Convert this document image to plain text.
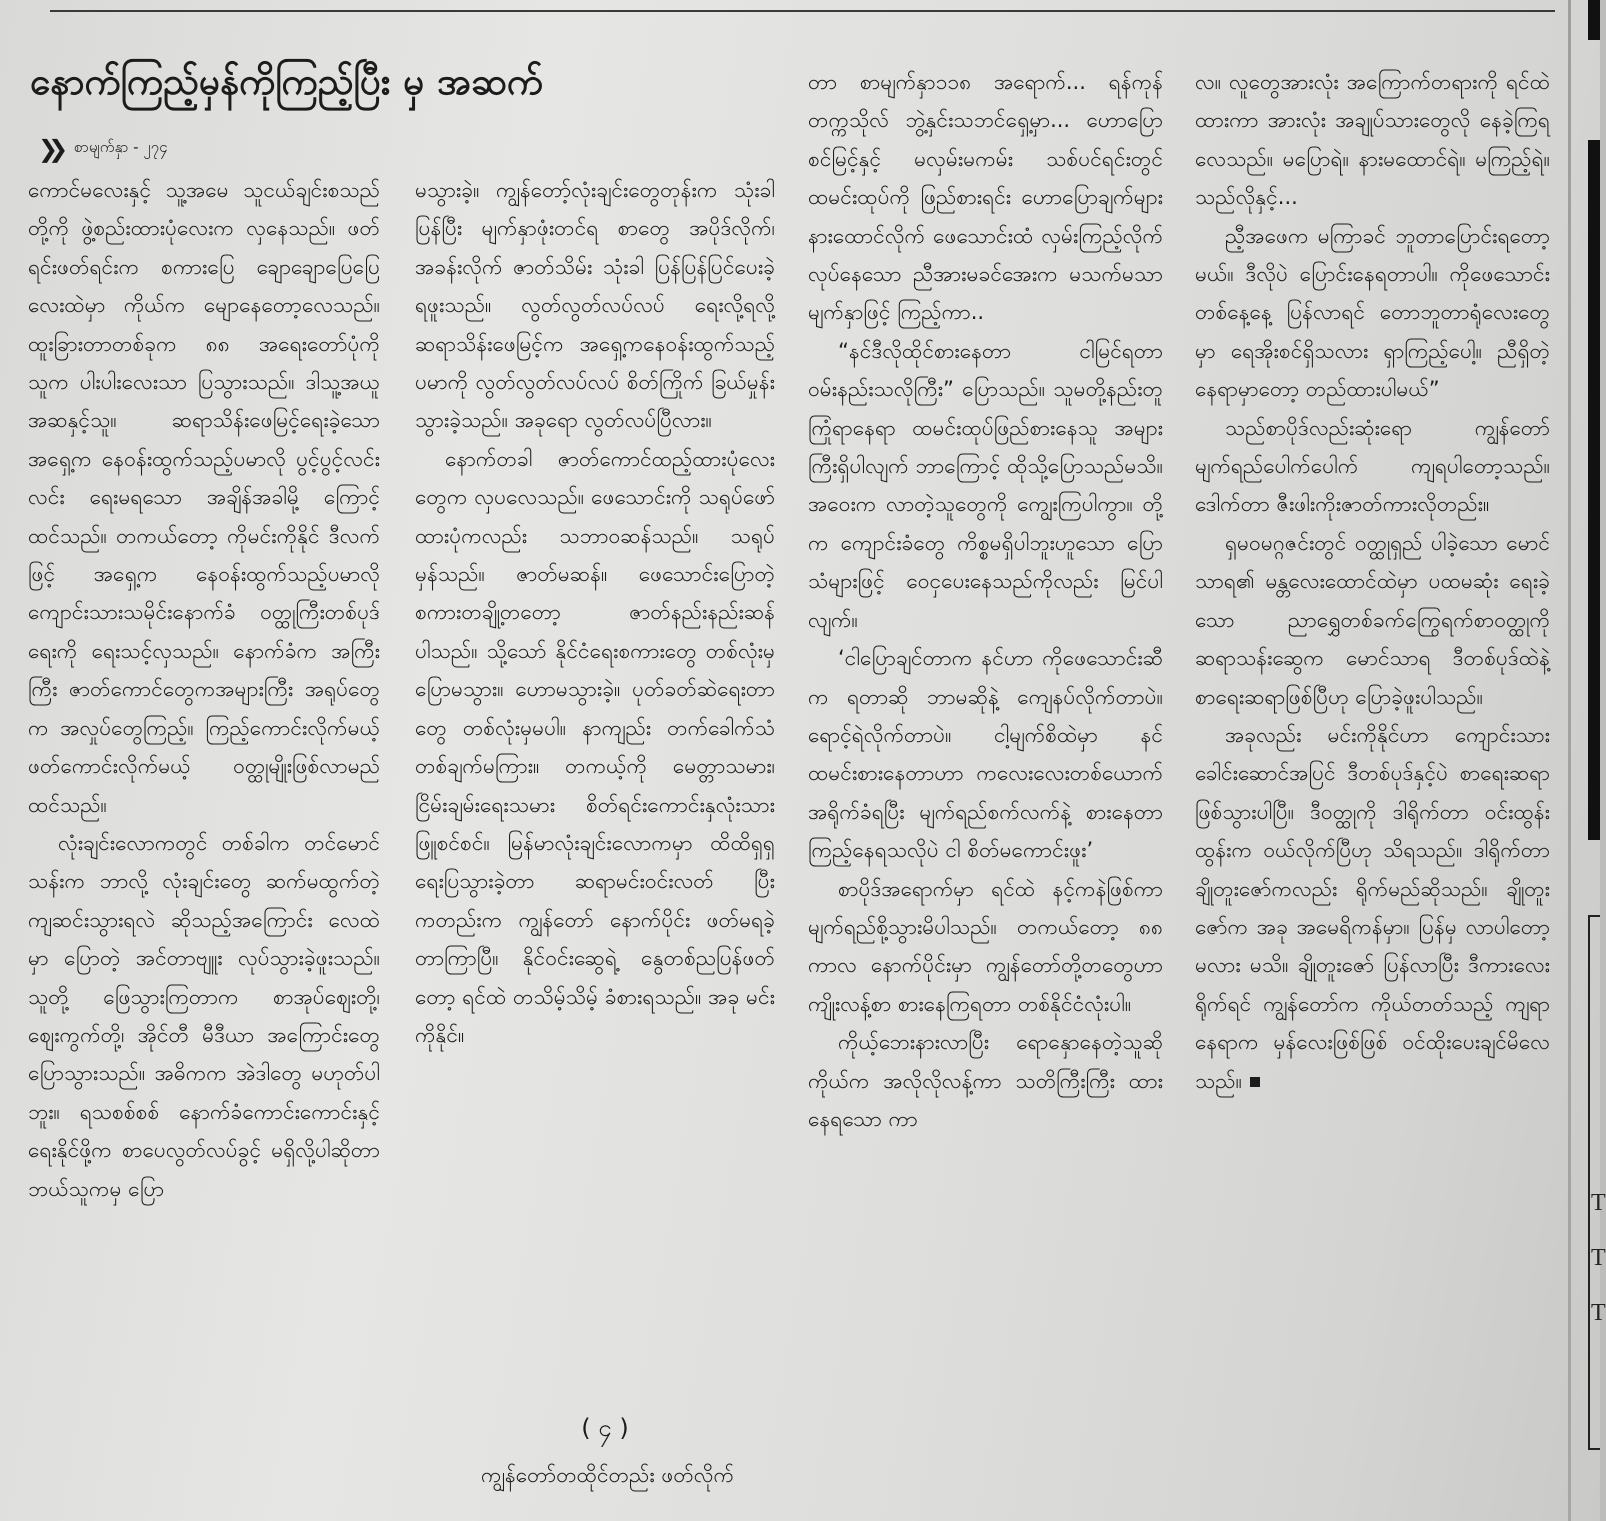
T
T
T
နောက်ကြည့်မှန်ကိုကြည့်ပြီး မှ အဆက်
❯❯ စာမျက်နှာ - ၂၇၄

ကောင်မလေးနှင့် သူ့အမေ သူငယ်ချင်းစသည်တို့ကို ဖွဲ့စည်းထားပုံလေးက လှနေသည်။ ဖတ်ရင်းဖတ်ရင်းက စကားပြေ ချောချောပြေပြေလေးထဲမှာ ကိုယ်က မျောနေတော့လေသည်။ ထူးခြားတာတစ်ခုက ၈၈ အရေးတော်ပုံကို သူက ပါးပါးလေးသာ ပြသွားသည်။ ဒါသူ့အယူအဆနှင့်သူ။ ဆရာသိန်းဖေမြင့်ရေးခဲ့သော အရှေ့က နေဝန်းထွက်သည့်ပမာလို ပွင့်ပွင့်လင်းလင်း ရေးမရသော အချိန်အခါမို့ ကြောင့်ထင်သည်။ တကယ်တော့ ကိုမင်းကိုနိုင် ဒီလက်ဖြင့် အရှေ့က နေဝန်းထွက်သည့်ပမာလို ကျောင်းသားသမိုင်းနောက်ခံ ဝတ္ထုကြီးတစ်ပုဒ်ရေးကို ရေးသင့်လှသည်။ နောက်ခံက အကြီးကြီး ဇာတ်ကောင်တွေကအများကြီး အရုပ်တွေက အလှုပ်တွေကြည့်။ ကြည့်ကောင်းလိုက်မယ့် ဖတ်ကောင်းလိုက်မယ့် ဝတ္ထုမျိုးဖြစ်လာမည် ထင်သည်။

လုံးချင်းလောကတွင် တစ်ခါက တင်မောင်သန်းက ဘာလို့ လုံးချင်းတွေ ဆက်မထွက်တဲ့ ကျဆင်းသွားရလဲ ဆိုသည့်အကြောင်း လေထဲမှာ ပြောတဲ့ အင်တာဗျူး လုပ်သွားခဲ့ဖူးသည်။ သူတို့ ဖြေသွားကြတာက စာအုပ်ဈေးတို့၊ ဈေးကွက်တို့၊ အိုင်တီ မီဒီယာ အကြောင်းတွေ ပြောသွားသည်။ အဓိကက အဲဒါတွေ မဟုတ်ပါဘူး။ ရသစစ်စစ် နောက်ခံကောင်းကောင်းနှင့် ရေးနိုင်ဖို့က စာပေလွတ်လပ်ခွင့် မရှိလို့ပါဆိုတာ ဘယ်သူကမှ ပြော

မသွားခဲ့။ ကျွန်တော့်လုံးချင်းတွေတုန်းက သုံးခါပြန်ပြီး မျက်နှာဖုံးတင်ရ စာတွေ အပိုဒ်လိုက်၊ အခန်းလိုက် ဇာတ်သိမ်း သုံးခါ ပြန်ပြန်ပြင်ပေးခဲ့ရဖူးသည်။ လွတ်လွတ်လပ်လပ် ရေးလို့ရလို့ ဆရာသိန်းဖေမြင့်က အရှေ့ကနေဝန်းထွက်သည့်ပမာကို လွတ်လွတ်လပ်လပ် စိတ်ကြိုက် ခြယ်မှုန်းသွားခဲ့သည်။ အခုရော လွတ်လပ်ပြီလား။

နောက်တခါ ဇာတ်ကောင်ထည့်ထားပုံလေးတွေက လှပလေသည်။ ဖေသောင်းကို သရုပ်ဖော်ထားပုံကလည်း သဘာဝဆန်သည်။ သရုပ်မှန်သည်။ ဇာတ်မဆန်။ ဖေသောင်းပြောတဲ့ စကားတချို့တတော့ ဇာတ်နည်းနည်းဆန်ပါသည်။ သို့သော် နိုင်ငံရေးစကားတွေ တစ်လုံးမှ ပြောမသွား။ ဟောမသွားခဲ့။ ပုတ်ခတ်ဆဲရေးတာတွေ တစ်လုံးမှမပါ။ နာကျည်း တက်ခေါက်သံ တစ်ချက်မကြား။ တကယ့်ကို မေတ္တာသမား၊ ငြိမ်းချမ်းရေးသမား စိတ်ရင်းကောင်းနှလုံးသားဖြူစင်စင်။ မြန်မာလုံးချင်းလောကမှာ ထိထိရှရှ ရေးပြသွားခဲ့တာ ဆရာမင်းဝင်းလတ် ပြီးကတည်းက ကျွန်တော် နောက်ပိုင်း ဖတ်မရခဲ့တာကြာပြီ။ နိုင်ဝင်းဆွေရဲ့ နွေတစ်ညပြန်ဖတ်တော့ ရင်ထဲ တသိမ့်သိမ့် ခံစားရသည်။ အခု မင်းကိုနိုင်။

( ၄ )
ကျွန်တော်တထိုင်တည်း ဖတ်လိုက်

တာ စာမျက်နှာ၁၁၈ အရောက်... ရန်ကုန်တက္ကသိုလ် ဘွဲ့နှင်းသဘင်ရှေ့မှာ... ဟောပြောစင်မြင့်နှင့် မလှမ်းမကမ်း သစ်ပင်ရင်းတွင် ထမင်းထုပ်ကို ဖြည်စားရင်း ဟောပြောချက်များ နားထောင်လိုက် ဖေသောင်းထံ လှမ်းကြည့်လိုက်လုပ်နေသော ညီအားမခင်အေးက မသက်မသာမျက်နှာဖြင့် ကြည့်ကာ..

“နင်ဒီလိုထိုင်စားနေတာ ငါမြင်ရတာ ဝမ်းနည်းသလိုကြီး” ပြောသည်။ သူမတို့နည်းတူ ကြုံရာနေရာ ထမင်းထုပ်ဖြည်စားနေသူ အများကြီးရှိပါလျက် ဘာကြောင့် ထိုသို့ပြောသည်မသိ။ အဝေးက လာတဲ့သူတွေကို ကျွေးကြပါကွာ။ တို့က ကျောင်းခံတွေ ကိစ္စမရှိပါဘူးဟူသော ပြောသံများဖြင့် ဝေငှပေးနေသည်ကိုလည်း မြင်ပါလျက်။

‘ငါပြောချင်တာက နင်ဟာ ကိုဖေသောင်းဆီက ရတာဆို ဘာမဆိုနဲ့ ကျေနပ်လိုက်တာပဲ။ ရောင့်ရဲလိုက်တာပဲ။ ငါ့မျက်စိထဲမှာ နင် ထမင်းစားနေတာဟာ ကလေးလေးတစ်ယောက် အရိုက်ခံရပြီး မျက်ရည်စက်လက်နဲ့ စားနေတာ ကြည့်နေရသလိုပဲ ငါ စိတ်မကောင်းဖူး’

စာပိုဒ်အရောက်မှာ ရင်ထဲ နင့်ကနဲဖြစ်ကာ မျက်ရည်စို့သွားမိပါသည်။ တကယ်တော့ ၈၈ ကာလ နောက်ပိုင်းမှာ ကျွန်တော်တို့တတွေဟာ ကျိုးလန့်စာ စားနေကြရတာ တစ်နိုင်ငံလုံးပါ။

ကိုယ့်ဘေးနားလာပြီး ရောနှောနေတဲ့သူဆို ကိုယ်က အလိုလိုလန့်ကာ သတိကြီးကြီး ထားနေရသော ကာ

လ။ လူတွေအားလုံး အကြောက်တရားကို ရင်ထဲထားကာ အားလုံး အချုပ်သားတွေလို နေခဲ့ကြရလေသည်။ မပြောရဲ။ နားမထောင်ရဲ။ မကြည့်ရဲ။ သည်လိုနှင့်...

ညီ့အဖေက မကြာခင် ဘူတာပြောင်းရတော့မယ်။ ဒီလိုပဲ ပြောင်းနေရတာပါ။ ကိုဖေသောင်း တစ်နေ့နေ့ ပြန်လာရင် တောဘူတာရုံလေးတွေမှာ ရေအိုးစင်ရှိသလား ရှာကြည့်ပေါ့။ ညီရှိတဲ့နေရာမှာတော့ တည်ထားပါမယ်”

သည်စာပိုဒ်လည်းဆုံးရော ကျွန်တော် မျက်ရည်ပေါက်ပေါက် ကျရပါတော့သည်။ ဒေါက်တာ ဇီးဖါးကိုးဇာတ်ကားလိုတည်း။

ရှမဝမဂ္ဂဇင်းတွင် ဝတ္ထုရှည် ပါခဲ့သော မောင်သာရ၏ မန္တလေးထောင်ထဲမှာ ပထမဆုံး ရေးခဲ့သော ညာရွှေတစ်ခက်ကြွေရက်စာဝတ္ထုကို ဆရာသန်းဆွေက မောင်သာရ ဒီတစ်ပုဒ်ထဲနဲ့ စာရေးဆရာဖြစ်ပြီဟု ပြောခဲ့ဖူးပါသည်။

အခုလည်း မင်းကိုနိုင်ဟာ ကျောင်းသားခေါင်းဆောင်အပြင် ဒီတစ်ပုဒ်နှင့်ပဲ စာရေးဆရာ ဖြစ်သွားပါပြီ။ ဒီဝတ္ထုကို ဒါရိုက်တာ ဝင်းထွန်းထွန်းက ဝယ်လိုက်ပြီဟု သိရသည်။ ဒါရိုက်တာ ချိုတူးဇော်ကလည်း ရိုက်မည်ဆိုသည်။ ချိုတူးဇော်က အခု အမေရိကန်မှာ။ ပြန်မှ လာပါတော့ မလား မသိ။ ချိုတူးဇော် ပြန်လာပြီး ဒီကားလေးရိုက်ရင် ကျွန်တော်က ကိုယ်တတ်သည့် ကျရာနေရာက မှန်လေးဖြစ်ဖြစ် ဝင်ထိုးပေးချင်မိလေသည်။
